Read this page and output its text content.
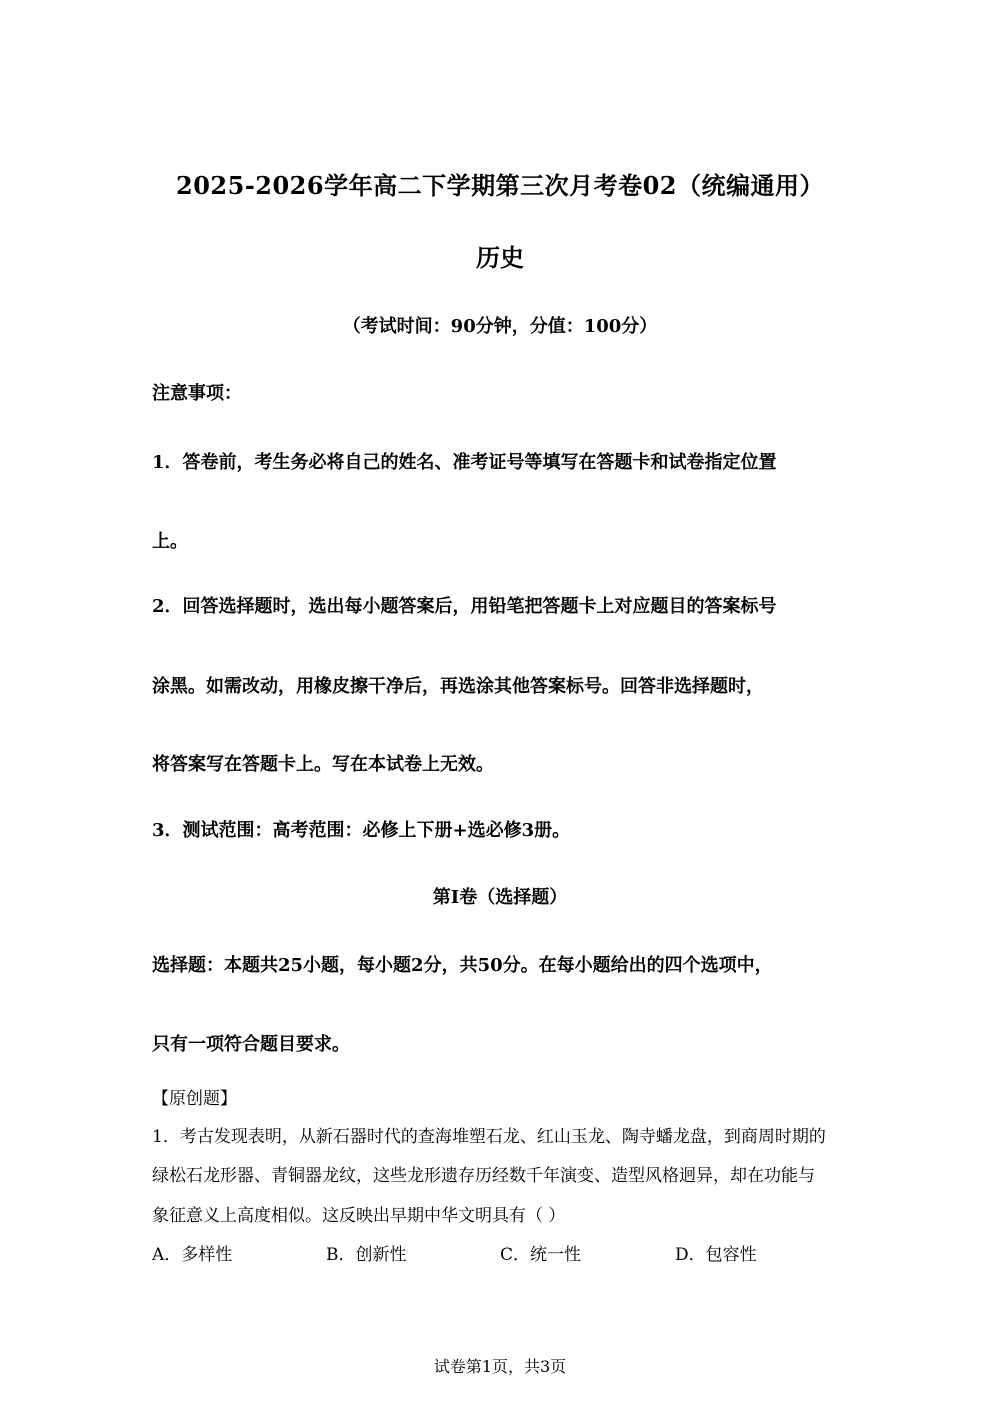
2025-2026学年高二下学期第三次月考卷02（统编通用）
历史
（考试时间：90分钟，分值：100分）
注意事项：
1．答卷前，考生务必将自己的姓名、准考证号等填写在答题卡和试卷指定位置
上。
2．回答选择题时，选出每小题答案后，用铅笔把答题卡上对应题目的答案标号
涂黑。如需改动，用橡皮擦干净后，再选涂其他答案标号。回答非选择题时，
将答案写在答题卡上。写在本试卷上无效。
3．测试范围：高考范围：必修上下册+选必修3册。
第Ⅰ卷（选择题）
选择题：本题共25小题，每小题2分，共50分。在每小题给出的四个选项中，
只有一项符合题目要求。
【原创题】
1．考古发现表明，从新石器时代的查海堆塑石龙、红山玉龙、陶寺蟠龙盘，到商周时期的
绿松石龙形器、青铜器龙纹，这些龙形遗存历经数千年演变、造型风格迥异，却在功能与
象征意义上高度相似。这反映出早期中华文明具有（ ）
A．多样性	B．创新性	C．统一性	D．包容性
试卷第1页，共3页
